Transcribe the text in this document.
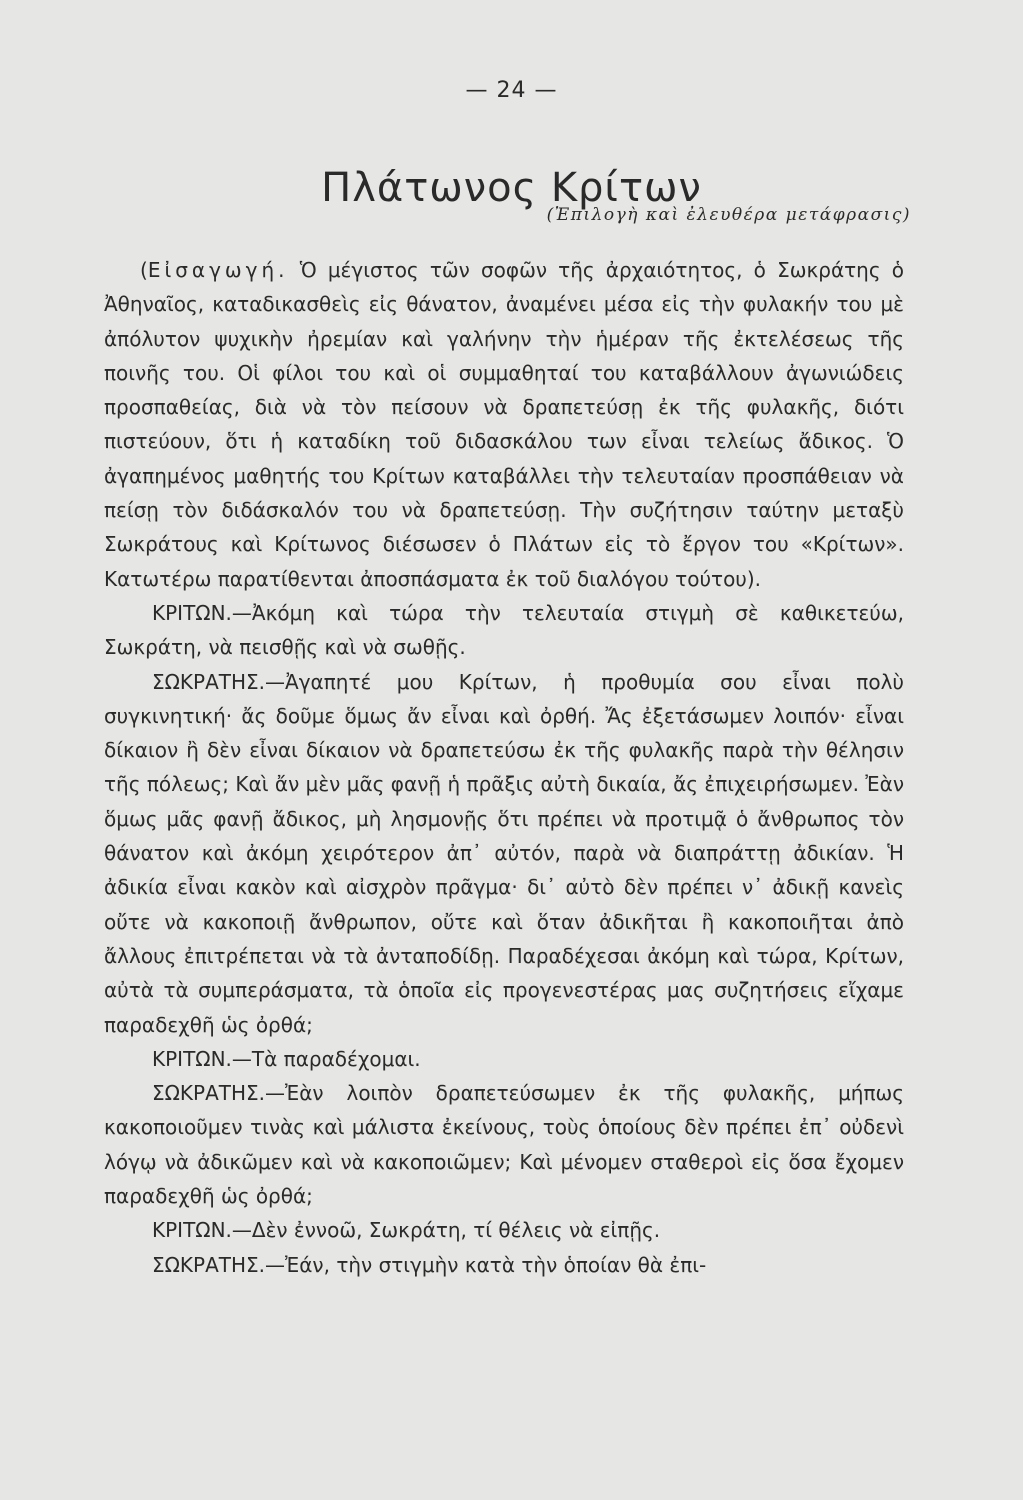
— 24 —
Πλάτωνος Κρίτων
(Ἐπιλογὴ καὶ ἐλευθέρα μετάφρασις)

(Εἰσαγωγή. Ὁ μέγιστος τῶν σοφῶν τῆς ἀρχαιότητος, ὁ Σωκράτης ὁ Ἀθηναῖος, καταδικασθεὶς εἰς θάνατον, ἀναμένει μέσα εἰς τὴν φυλακήν του μὲ ἀπόλυτον ψυχικὴν ἠρεμίαν καὶ γαλήνην τὴν ἡμέραν τῆς ἐκτελέσεως τῆς ποινῆς του. Οἱ φίλοι του καὶ οἱ συμμαθηταί του καταβάλλουν ἀγωνιώδεις προσπαθείας, διὰ νὰ τὸν πείσουν νὰ δραπετεύσῃ ἐκ τῆς φυλακῆς, διότι πιστεύουν, ὅτι ἡ καταδίκη τοῦ διδασκάλου των εἶναι τελείως ἄδικος. Ὁ ἀγαπημένος μαθητής του Κρίτων καταβάλλει τὴν τελευταίαν προσπάθειαν νὰ πείσῃ τὸν διδάσκαλόν του νὰ δραπετεύσῃ. Τὴν συζήτησιν ταύτην μεταξὺ Σωκράτους καὶ Κρίτωνος διέσωσεν ὁ Πλάτων εἰς τὸ ἔργον του «Κρίτων». Κατωτέρω παρατίθενται ἀποσπάσματα ἐκ τοῦ διαλόγου τούτου).

ΚΡΙΤΩΝ.—Ἀκόμη καὶ τώρα τὴν τελευταία στιγμὴ σὲ καθικετεύω, Σωκράτη, νὰ πεισθῇς καὶ νὰ σωθῇς.

ΣΩΚΡΑΤΗΣ.—Ἀγαπητέ μου Κρίτων, ἡ προθυμία σου εἶναι πολὺ συγκινητική· ἄς δοῦμε ὅμως ἄν εἶναι καὶ ὀρθή. Ἄς ἐξετάσωμεν λοιπόν· εἶναι δίκαιον ἢ δὲν εἶναι δίκαιον νὰ δραπετεύσω ἐκ τῆς φυλακῆς παρὰ τὴν θέλησιν τῆς πόλεως; Καὶ ἄν μὲν μᾶς φανῇ ἡ πρᾶξις αὐτὴ δικαία, ἄς ἐπιχειρήσωμεν. Ἐὰν ὅμως μᾶς φανῇ ἄδικος, μὴ λησμονῇς ὅτι πρέπει νὰ προτιμᾷ ὁ ἄνθρωπος τὸν θάνατον καὶ ἀκόμη χειρότερον ἀπ᾽ αὐτόν, παρὰ νὰ διαπράττῃ ἀδικίαν. Ἡ ἀδικία εἶναι κακὸν καὶ αἰσχρὸν πρᾶγμα· δι᾽ αὐτὸ δὲν πρέπει ν᾽ ἀδικῇ κανεὶς οὔτε νὰ κακοποιῇ ἄνθρωπον, οὔτε καὶ ὅταν ἀδικῆται ἢ κακοποιῆται ἀπὸ ἄλλους ἐπιτρέπεται νὰ τὰ ἀνταποδίδῃ. Παραδέχεσαι ἀκόμη καὶ τώρα, Κρίτων, αὐτὰ τὰ συμπεράσματα, τὰ ὁποῖα εἰς προγενεστέρας μας συζητήσεις εἴχαμε παραδεχθῆ ὡς ὀρθά;

ΚΡΙΤΩΝ.—Τὰ παραδέχομαι.

ΣΩΚΡΑΤΗΣ.—Ἐὰν λοιπὸν δραπετεύσωμεν ἐκ τῆς φυλακῆς, μήπως κακοποιοῦμεν τινὰς καὶ μάλιστα ἐκείνους, τοὺς ὁποίους δὲν πρέπει ἐπ᾽ οὐδενὶ λόγῳ νὰ ἀδικῶμεν καὶ νὰ κακοποιῶμεν; Καὶ μένομεν σταθεροὶ εἰς ὅσα ἔχομεν παραδεχθῆ ὡς ὀρθά;

ΚΡΙΤΩΝ.—Δὲν ἐννοῶ, Σωκράτη, τί θέλεις νὰ εἰπῇς.

ΣΩΚΡΑΤΗΣ.—Ἐάν, τὴν στιγμὴν κατὰ τὴν ὁποίαν θὰ ἐπι-
